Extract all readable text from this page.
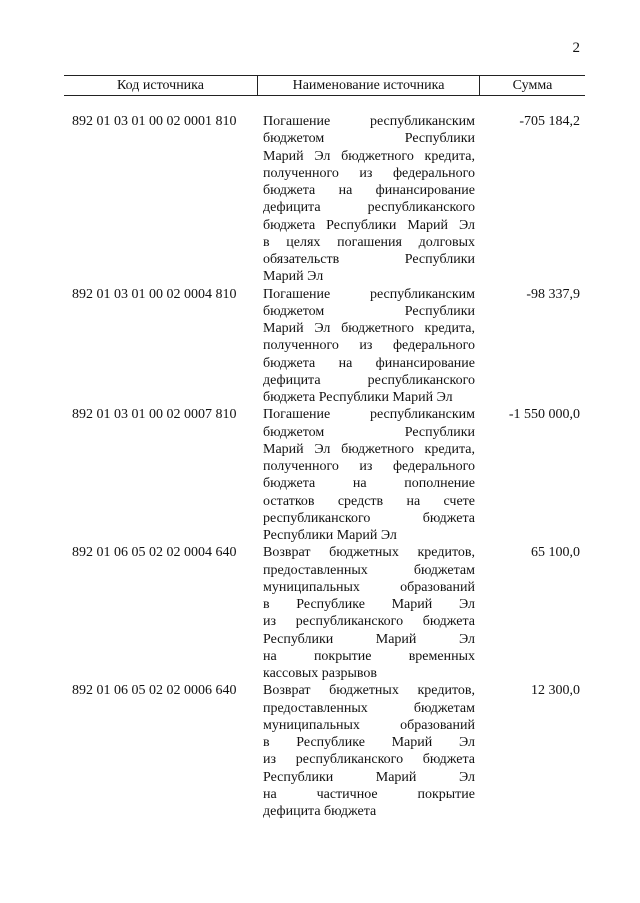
2
Код источника	Наименование источника	Сумма
892 01 03 01 00 02 0001 810	Погашение республиканским
бюджетом Республики
Марий Эл бюджетного кредита,
полученного из федерального
бюджета на финансирование
дефицита республиканского
бюджета Республики Марий Эл
в целях погашения долговых
обязательств Республики
Марий Эл
-705 184,2
892 01 03 01 00 02 0004 810	Погашение республиканским
бюджетом Республики
Марий Эл бюджетного кредита,
полученного из федерального
бюджета на финансирование
дефицита республиканского
бюджета Республики Марий Эл
-98 337,9
892 01 03 01 00 02 0007 810	Погашение республиканским
бюджетом Республики
Марий Эл бюджетного кредита,
полученного из федерального
бюджета на пополнение
остатков средств на счете
республиканского бюджета
Республики Марий Эл
-1 550 000,0
892 01 06 05 02 02 0004 640	Возврат бюджетных кредитов,
предоставленных бюджетам
муниципальных образований
в Республике Марий Эл
из республиканского бюджета
Республики Марий Эл
на покрытие временных
кассовых разрывов
65 100,0
892 01 06 05 02 02 0006 640	Возврат бюджетных кредитов,
предоставленных бюджетам
муниципальных образований
в Республике Марий Эл
из республиканского бюджета
Республики Марий Эл
на частичное покрытие
дефицита бюджета
12 300,0
